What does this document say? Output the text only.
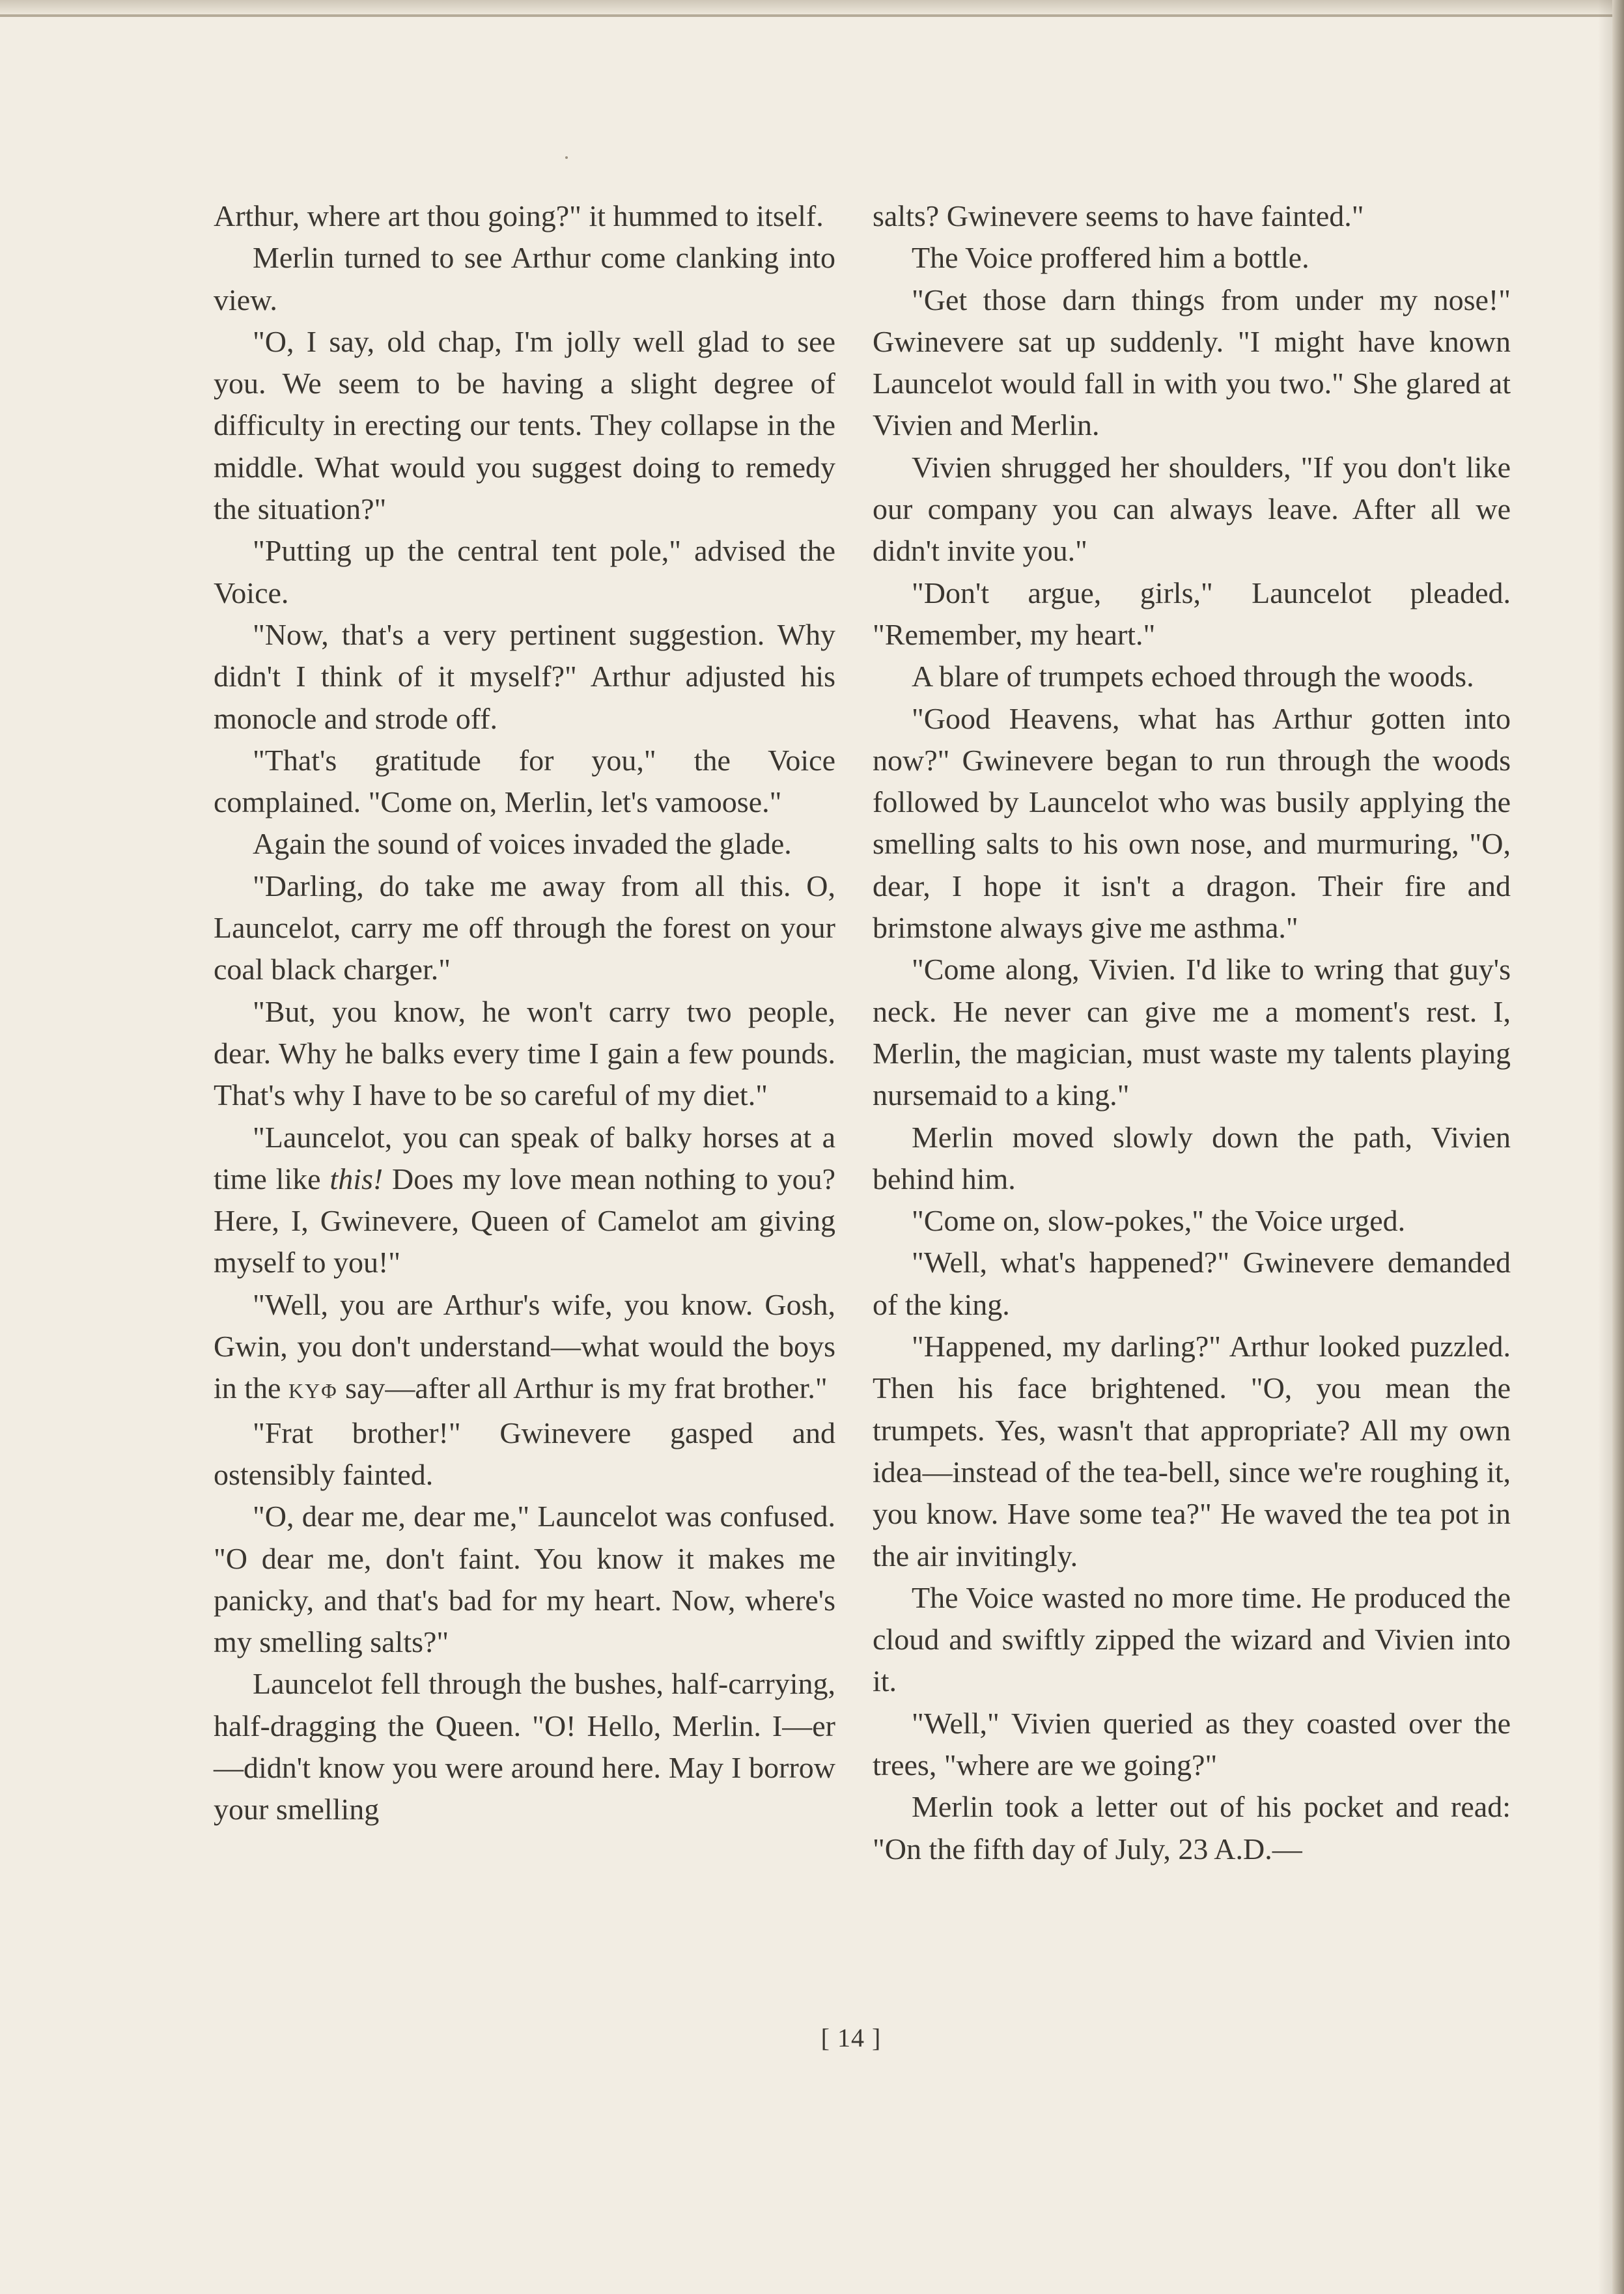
Arthur, where art thou going?" it hummed to itself.

Merlin turned to see Arthur come clanking into view.

"O, I say, old chap, I'm jolly well glad to see you. We seem to be having a slight degree of difficulty in erecting our tents. They collapse in the middle. What would you suggest doing to remedy the situation?"

"Putting up the central tent pole," advised the Voice.

"Now, that's a very pertinent suggestion. Why didn't I think of it myself?" Arthur adjusted his monocle and strode off.

"That's gratitude for you," the Voice complained. "Come on, Merlin, let's vamoose."

Again the sound of voices invaded the glade.

"Darling, do take me away from all this. O, Launcelot, carry me off through the forest on your coal black charger."

"But, you know, he won't carry two people, dear. Why he balks every time I gain a few pounds. That's why I have to be so careful of my diet."

"Launcelot, you can speak of balky horses at a time like this! Does my love mean nothing to you? Here, I, Gwinevere, Queen of Camelot am giving myself to you!"

"Well, you are Arthur's wife, you know. Gosh, Gwin, you don't understand—what would the boys in the KYΦ say—after all Arthur is my frat brother."

"Frat brother!" Gwinevere gasped and ostensibly fainted.

"O, dear me, dear me," Launcelot was confused. "O dear me, don't faint. You know it makes me panicky, and that's bad for my heart. Now, where's my smelling salts?"

Launcelot fell through the bushes, half-carrying, half-dragging the Queen. "O! Hello, Merlin. I—er—didn't know you were around here. May I borrow your smelling

salts? Gwinevere seems to have fainted."

The Voice proffered him a bottle.

"Get those darn things from under my nose!" Gwinevere sat up suddenly. "I might have known Launcelot would fall in with you two." She glared at Vivien and Merlin.

Vivien shrugged her shoulders, "If you don't like our company you can always leave. After all we didn't invite you."

"Don't argue, girls," Launcelot pleaded. "Remember, my heart."

A blare of trumpets echoed through the woods.

"Good Heavens, what has Arthur gotten into now?" Gwinevere began to run through the woods followed by Launcelot who was busily applying the smelling salts to his own nose, and murmuring, "O, dear, I hope it isn't a dragon. Their fire and brimstone always give me asthma."

"Come along, Vivien. I'd like to wring that guy's neck. He never can give me a moment's rest. I, Merlin, the magician, must waste my talents playing nursemaid to a king."

Merlin moved slowly down the path, Vivien behind him.

"Come on, slow-pokes," the Voice urged.

"Well, what's happened?" Gwinevere demanded of the king.

"Happened, my darling?" Arthur looked puzzled. Then his face brightened. "O, you mean the trumpets. Yes, wasn't that appropriate? All my own idea—instead of the tea-bell, since we're roughing it, you know. Have some tea?" He waved the tea pot in the air invitingly.

The Voice wasted no more time. He produced the cloud and swiftly zipped the wizard and Vivien into it.

"Well," Vivien queried as they coasted over the trees, "where are we going?"

Merlin took a letter out of his pocket and read: "On the fifth day of July, 23 A.D.—

[ 14 ]
